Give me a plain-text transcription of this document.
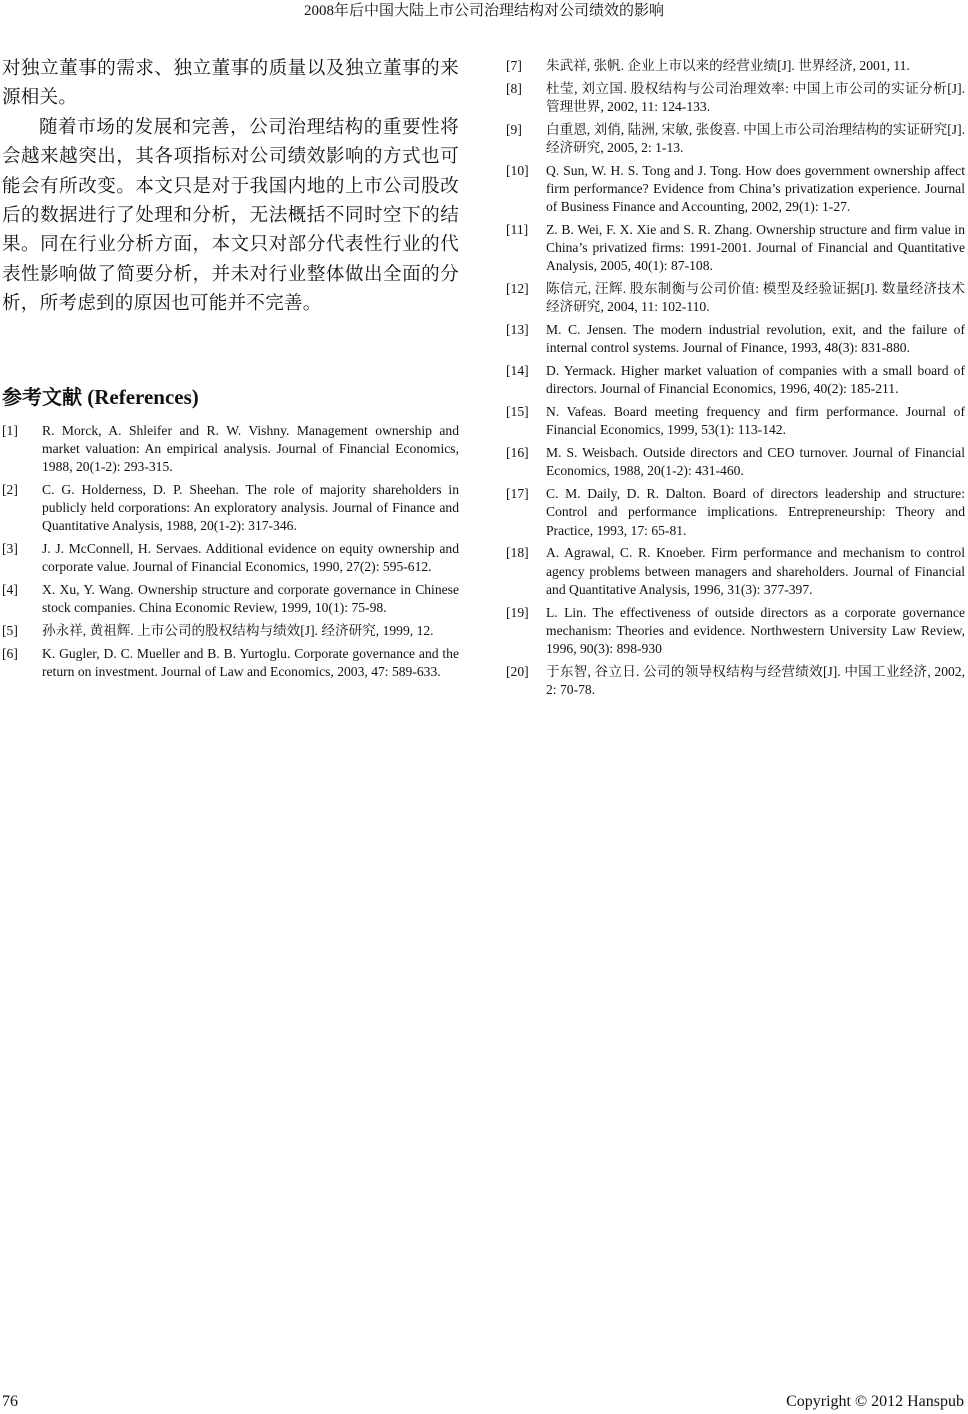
2008年后中国大陆上市公司治理结构对公司绩效的影响

对独立董事的需求、独立董事的质量以及独立董事的来源相关。

随着市场的发展和完善，公司治理结构的重要性将会越来越突出，其各项指标对公司绩效影响的方式也可能会有所改变。本文只是对于我国内地的上市公司股改后的数据进行了处理和分析，无法概括不同时空下的结果。同在行业分析方面，本文只对部分代表性行业的代表性影响做了简要分析，并未对行业整体做出全面的分析，所考虑到的原因也可能并不完善。

参考文献 (References)
[1]	R. Morck, A. Shleifer and R. W. Vishny. Management ownership and market valuation: An empirical analysis. Journal of Financial Economics, 1988, 20(1-2): 293-315.
[2]	C. G. Holderness, D. P. Sheehan. The role of majority shareholders in publicly held corporations: An exploratory analysis. Journal of Finance and Quantitative Analysis, 1988, 20(1-2): 317-346.
[3]	J. J. McConnell, H. Servaes. Additional evidence on equity ownership and corporate value. Journal of Financial Economics, 1990, 27(2): 595-612.
[4]	X. Xu, Y. Wang. Ownership structure and corporate governance in Chinese stock companies. China Economic Review, 1999, 10(1): 75-98.
[5]	孙永祥, 黄祖辉. 上市公司的股权结构与绩效[J]. 经济研究, 1999, 12.
[6]	K. Gugler, D. C. Mueller and B. B. Yurtoglu. Corporate governance and the return on investment. Journal of Law and Economics, 2003, 47: 589-633.
[7]	朱武祥, 张帆. 企业上市以来的经营业绩[J]. 世界经济, 2001, 11.
[8]	杜莹, 刘立国. 股权结构与公司治理效率: 中国上市公司的实证分析[J]. 管理世界, 2002, 11: 124-133.
[9]	白重恩, 刘俏, 陆洲, 宋敏, 张俊喜. 中国上市公司治理结构的实证研究[J]. 经济研究, 2005, 2: 1-13.
[10]	Q. Sun, W. H. S. Tong and J. Tong. How does government ownership affect firm performance? Evidence from China’s privatization experience. Journal of Business Finance and Accounting, 2002, 29(1): 1-27.
[11]	Z. B. Wei, F. X. Xie and S. R. Zhang. Ownership structure and firm value in China’s privatized firms: 1991-2001. Journal of Financial and Quantitative Analysis, 2005, 40(1): 87-108.
[12]	陈信元, 汪辉. 股东制衡与公司价值: 模型及经验证据[J]. 数量经济技术经济研究, 2004, 11: 102-110.
[13]	M. C. Jensen. The modern industrial revolution, exit, and the failure of internal control systems. Journal of Finance, 1993, 48(3): 831-880.
[14]	D. Yermack. Higher market valuation of companies with a small board of directors. Journal of Financial Economics, 1996, 40(2): 185-211.
[15]	N. Vafeas. Board meeting frequency and firm performance. Journal of Financial Economics, 1999, 53(1): 113-142.
[16]	M. S. Weisbach. Outside directors and CEO turnover. Journal of Financial Economics, 1988, 20(1-2): 431-460.
[17]	C. M. Daily, D. R. Dalton. Board of directors leadership and structure: Control and performance implications. Entrepreneurship: Theory and Practice, 1993, 17: 65-81.
[18]	A. Agrawal, C. R. Knoeber. Firm performance and mechanism to control agency problems between managers and shareholders. Journal of Financial and Quantitative Analysis, 1996, 31(3): 377-397.
[19]	L. Lin. The effectiveness of outside directors as a corporate governance mechanism: Theories and evidence. Northwestern University Law Review, 1996, 90(3): 898-930
[20]	于东智, 谷立日. 公司的领导权结构与经营绩效[J]. 中国工业经济, 2002, 2: 70-78.
76	Copyright © 2012 Hanspub
